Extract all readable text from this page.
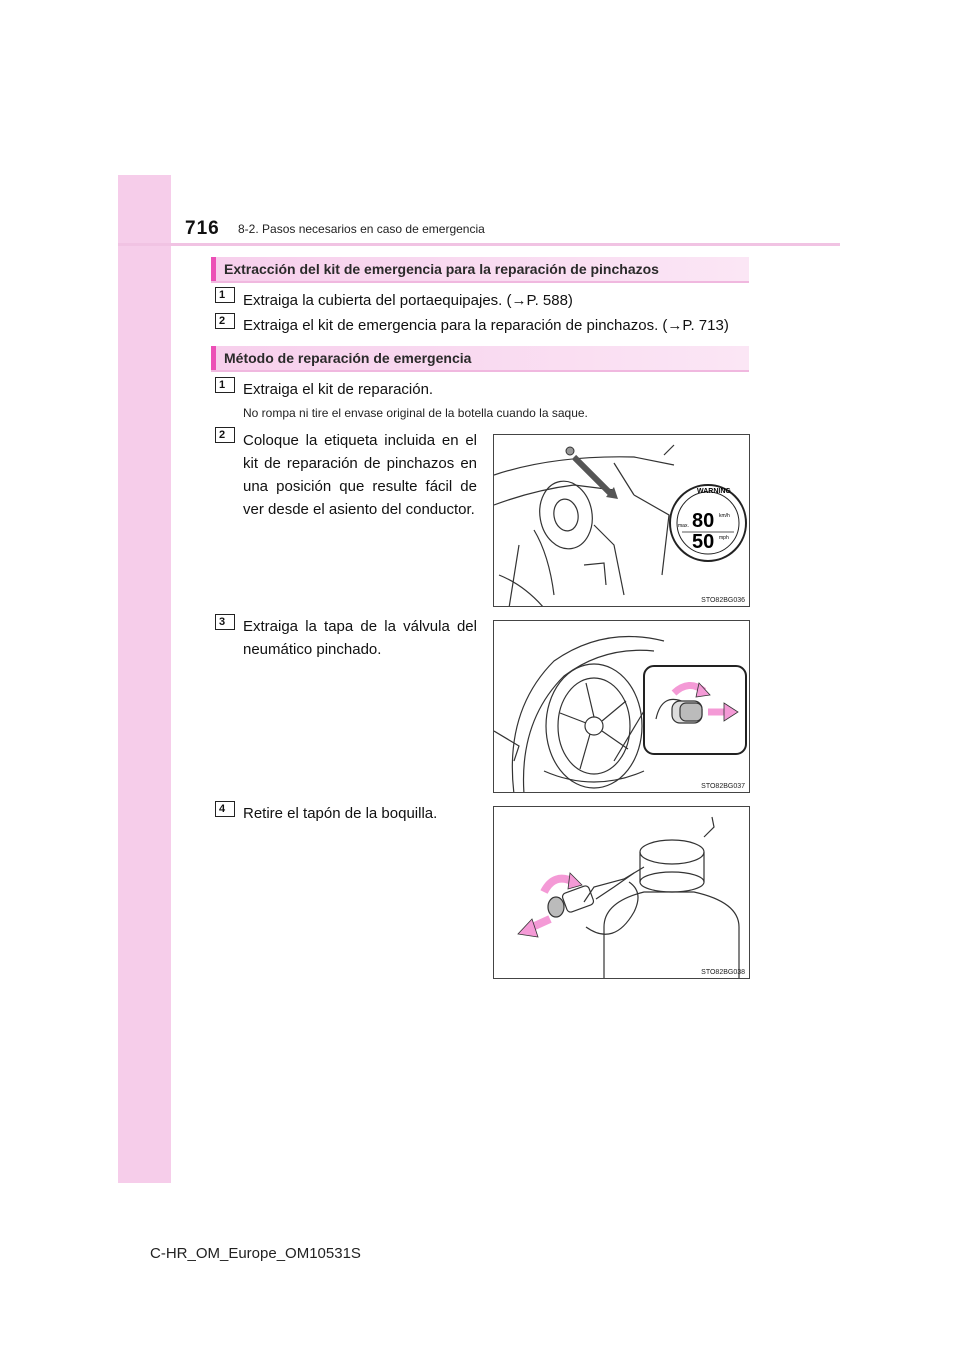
716 8-2. Pasos necesarios en caso de emergencia
Extracción del kit de emergencia para la reparación de pinchazos
1	Extraiga la cubierta del portaequipajes. (→P. 588)
2	Extraiga el kit de emergencia para la reparación de pinchazos. (→P. 713)
Método de reparación de emergencia
1	Extraiga el kit de reparación.
No rompa ni tire el envase original de la botella cuando la saque.
2	Coloque la etiqueta incluida en el kit de reparación de pinchazos en una posición que resulte fácil de ver desde el asiento del conductor.
80
50
WARNING
km/h
mph
max.
STO82BG036
3	Extraiga la tapa de la válvula del neumático pinchado.
STO82BG037
4	Retire el tapón de la boquilla.
STO82BG038
C-HR_OM_Europe_OM10531S
